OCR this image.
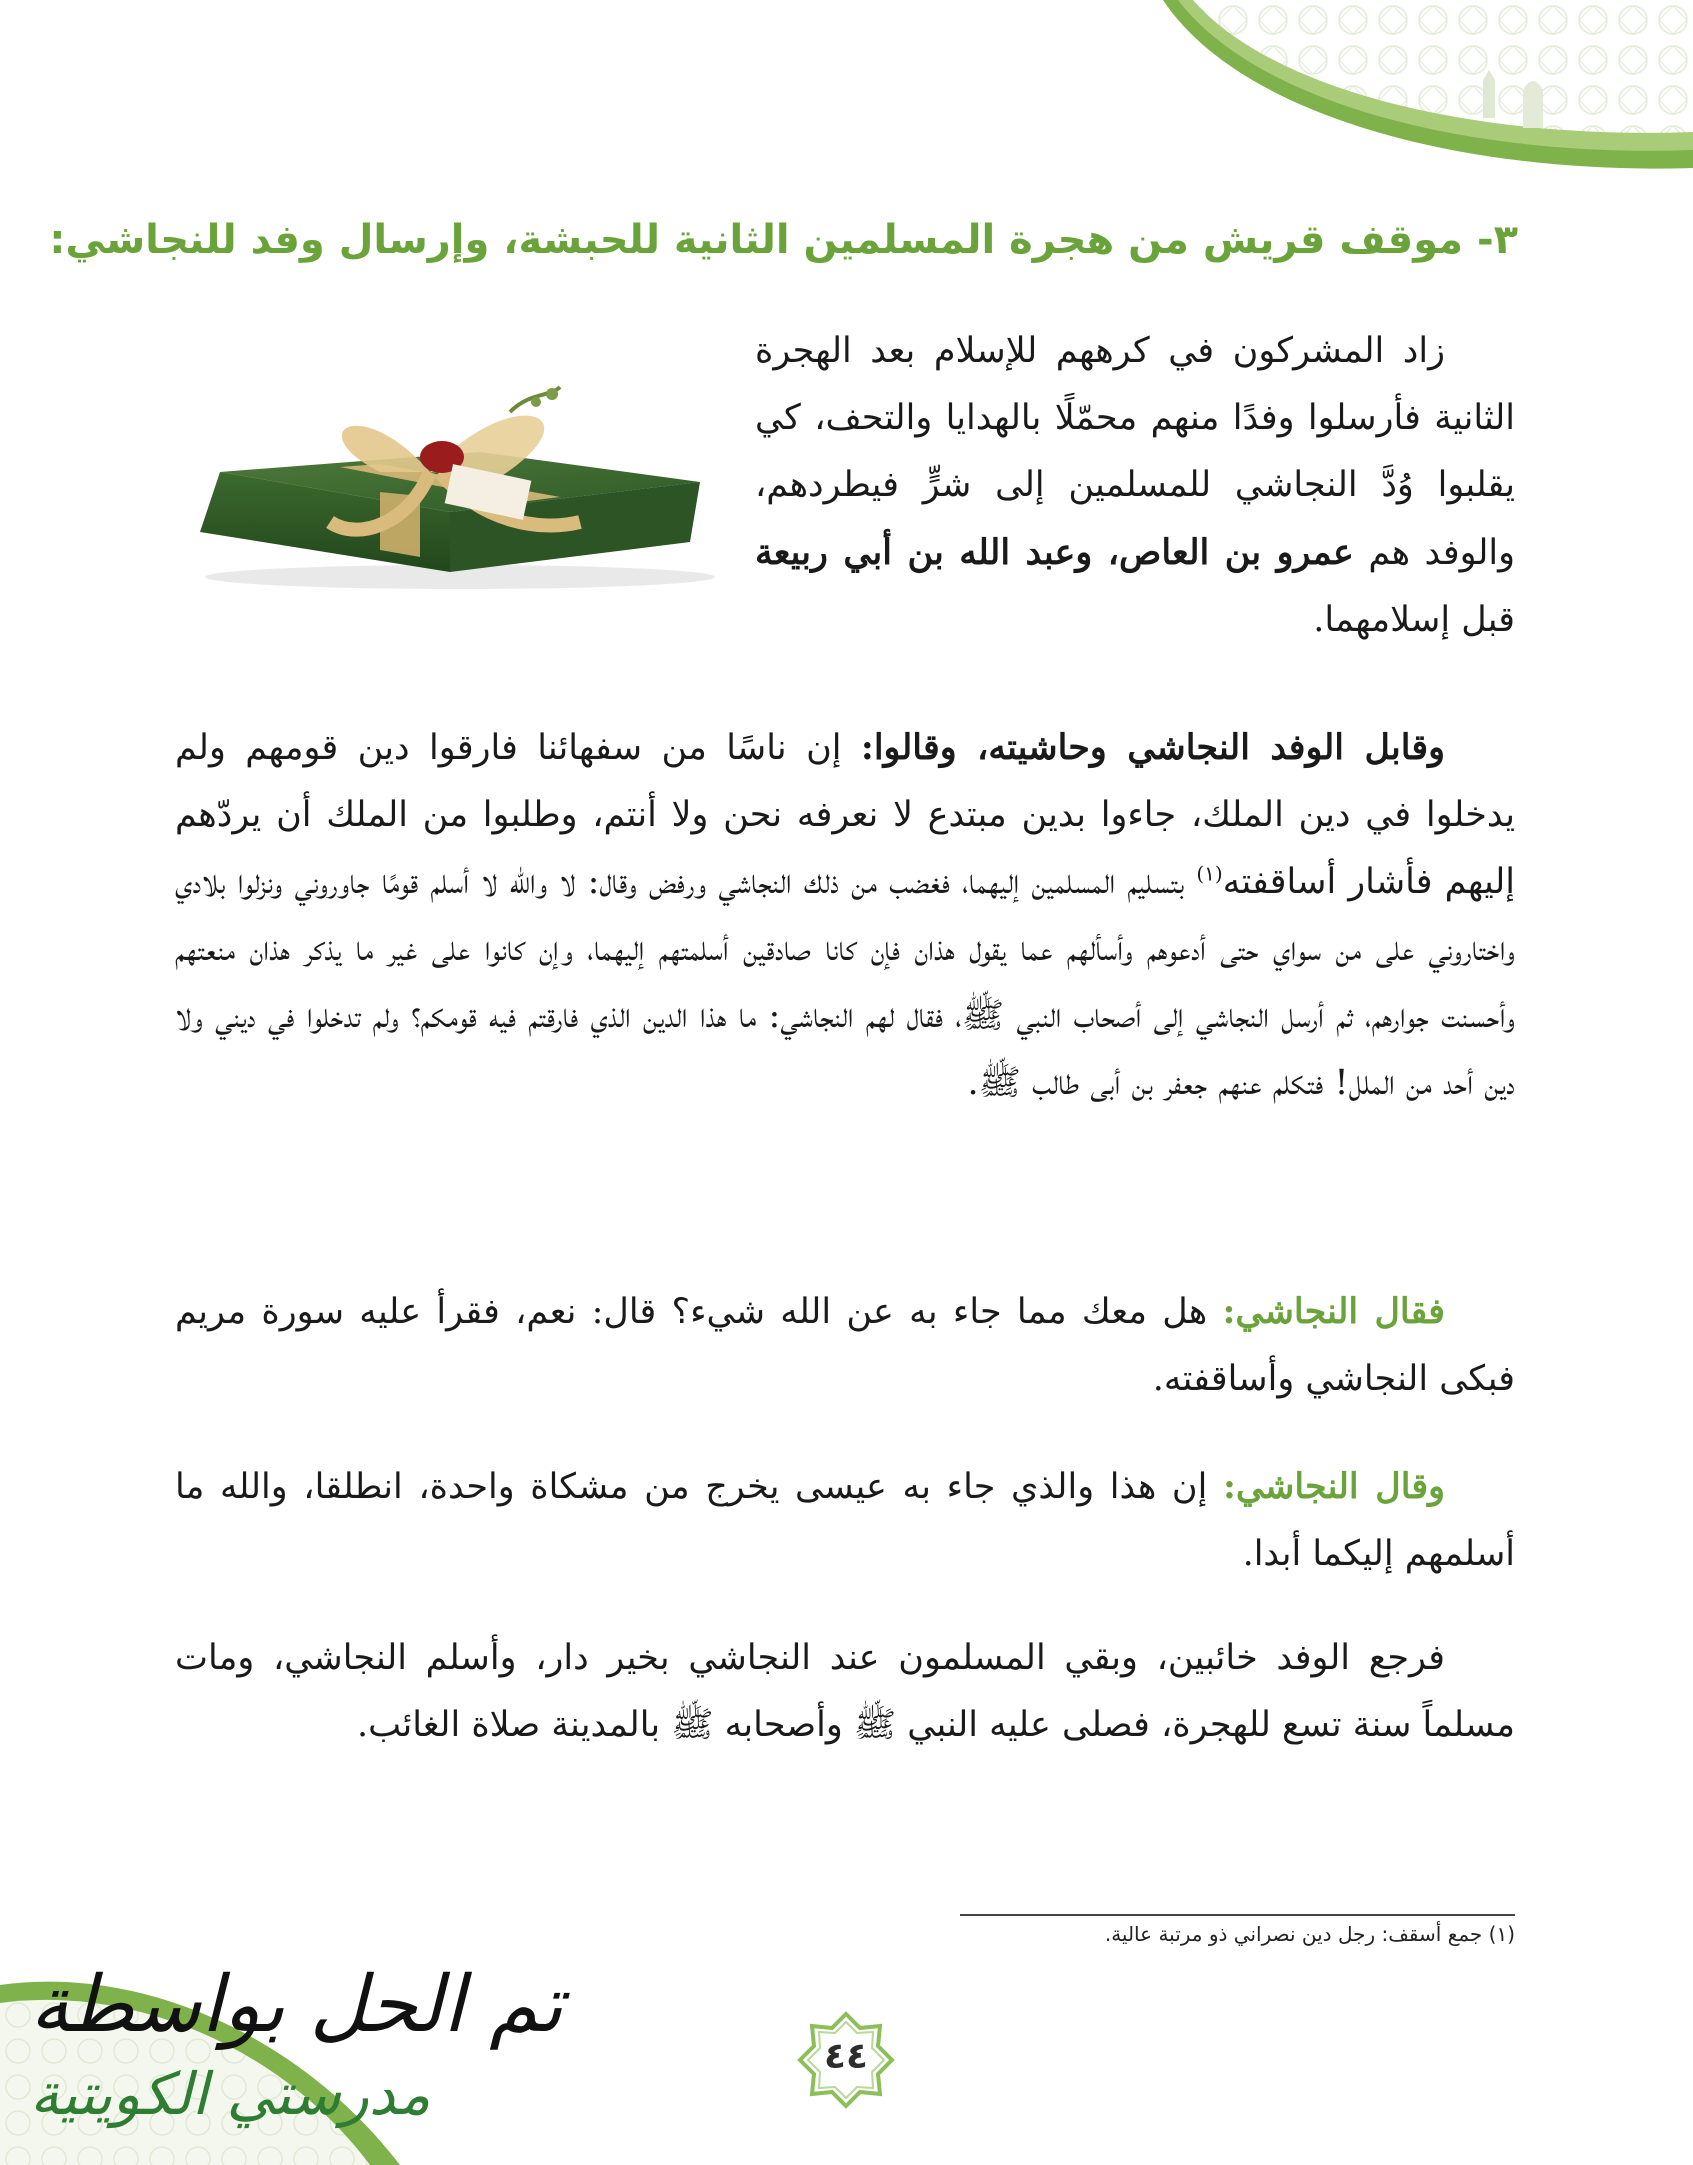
٣- موقف قريش من هجرة المسلمين الثانية للحبشة، وإرسال وفد للنجاشي:
زاد المشركون في كرههم للإسلام بعد الهجرة الثانية فأرسلوا وفدًا منهم محمّلًا بالهدايا والتحف، كي يقلبوا وُدَّ النجاشي للمسلمين إلى شرٍّ فيطردهم، والوفد هم عمرو بن العاص، وعبد الله بن أبي ربيعة قبل إسلامهما.
وقابل الوفد النجاشي وحاشيته، وقالوا: إن ناسًا من سفهائنا فارقوا دين قومهم ولم يدخلوا في دين الملك، جاءوا بدين مبتدع لا نعرفه نحن ولا أنتم، وطلبوا من الملك أن يردّهم إليهم فأشار أساقفته$^{(١)}$ بتسليم المسلمين إليهما، فغضب من ذلك النجاشي ورفض وقال: لا والله لا أسلم قومًا جاوروني ونزلوا بلادي واختاروني على من سواي حتى أدعوهم وأسألهم عما يقول هذان فإن كانا صادقين أسلمتهم إليهما، وإن كانوا على غير ما يذكر هذان منعتهم وأحسنت جوارهم، ثم أرسل النجاشي إلى أصحاب النبي ﷺ، فقال لهم النجاشي: ما هذا الدين الذي فارقتم فيه قومكم؟ ولم تدخلوا في ديني ولا دين أحد من الملل! فتكلم عنهم جعفر بن أبى طالب ﷺ.
فقال النجاشي: هل معك مما جاء به عن الله شيء؟ قال: نعم، فقرأ عليه سورة مريم فبكى النجاشي وأساقفته.
وقال النجاشي: إن هذا والذي جاء به عيسى يخرج من مشكاة واحدة، انطلقا، والله ما أسلمهم إليكما أبدا.
فرجع الوفد خائبين، وبقي المسلمون عند النجاشي بخير دار، وأسلم النجاشي، ومات مسلماً سنة تسع للهجرة، فصلى عليه النبي ﷺ وأصحابه ﷺ بالمدينة صلاة الغائب.
(١) جمع أسقف: رجل دين نصراني ذو مرتبة عالية.
٤٤
تم الحل بواسطة
مدرستي الكويتية
